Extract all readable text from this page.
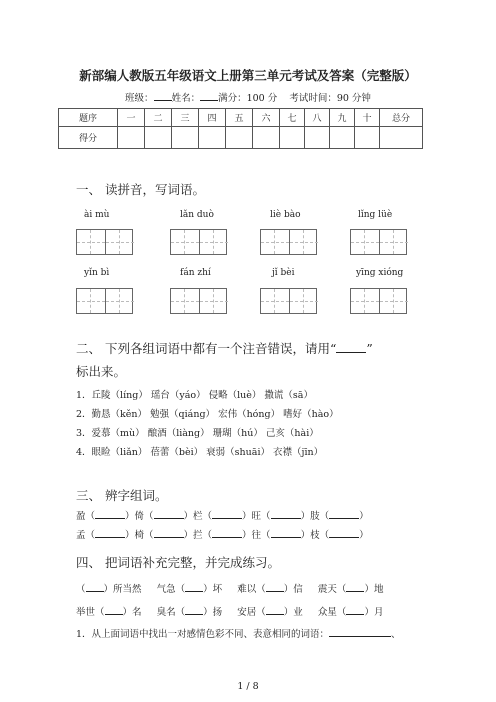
新部编人教版五年级语文上册第三单元考试及答案（完整版）
班级： 姓名： 满分：100 分 考试时间：90 分钟
题序	一	二	三	四	五	六	七	八	九	十	总分
得分											
一、 读拼音，写词语。
ài mù	lǎn duò	liè bào	lǐng lüè
yǐn bì	fán zhí	jǐ bèi	yīng xióng
二、 下列各组词语中都有一个注音错误，请用“ ”
标出来。
1．丘陵（líng） 瑶台（yáo） 侵略（luè） 撒谎（sā）
2．勤恳（kěn） 勉强（qiáng） 宏伟（hóng） 嗜好（hào）
3．爱慕（mù） 酿酒（liàng） 珊瑚（hú） 己亥（hài）
4．眼睑（liǎn） 蓓蕾（bèi） 衰弱（shuāi） 衣襟（jīn）
三、 辨字组词。
盈（	）倚（	）栏（	）旺（	）肢（	）
孟（	）椅（	）拦（	）往（	）枝（	）
四、 把词语补充完整，并完成练习。
（ ）所当然 气急（ ）坏 难以（ ）信 震天（ ）地
举世（ ）名 臭名（ ）扬 安居（ ）业 众星（ ）月
1．从上面词语中找出一对感情色彩不同、表意相同的词语：	、
1 / 8
